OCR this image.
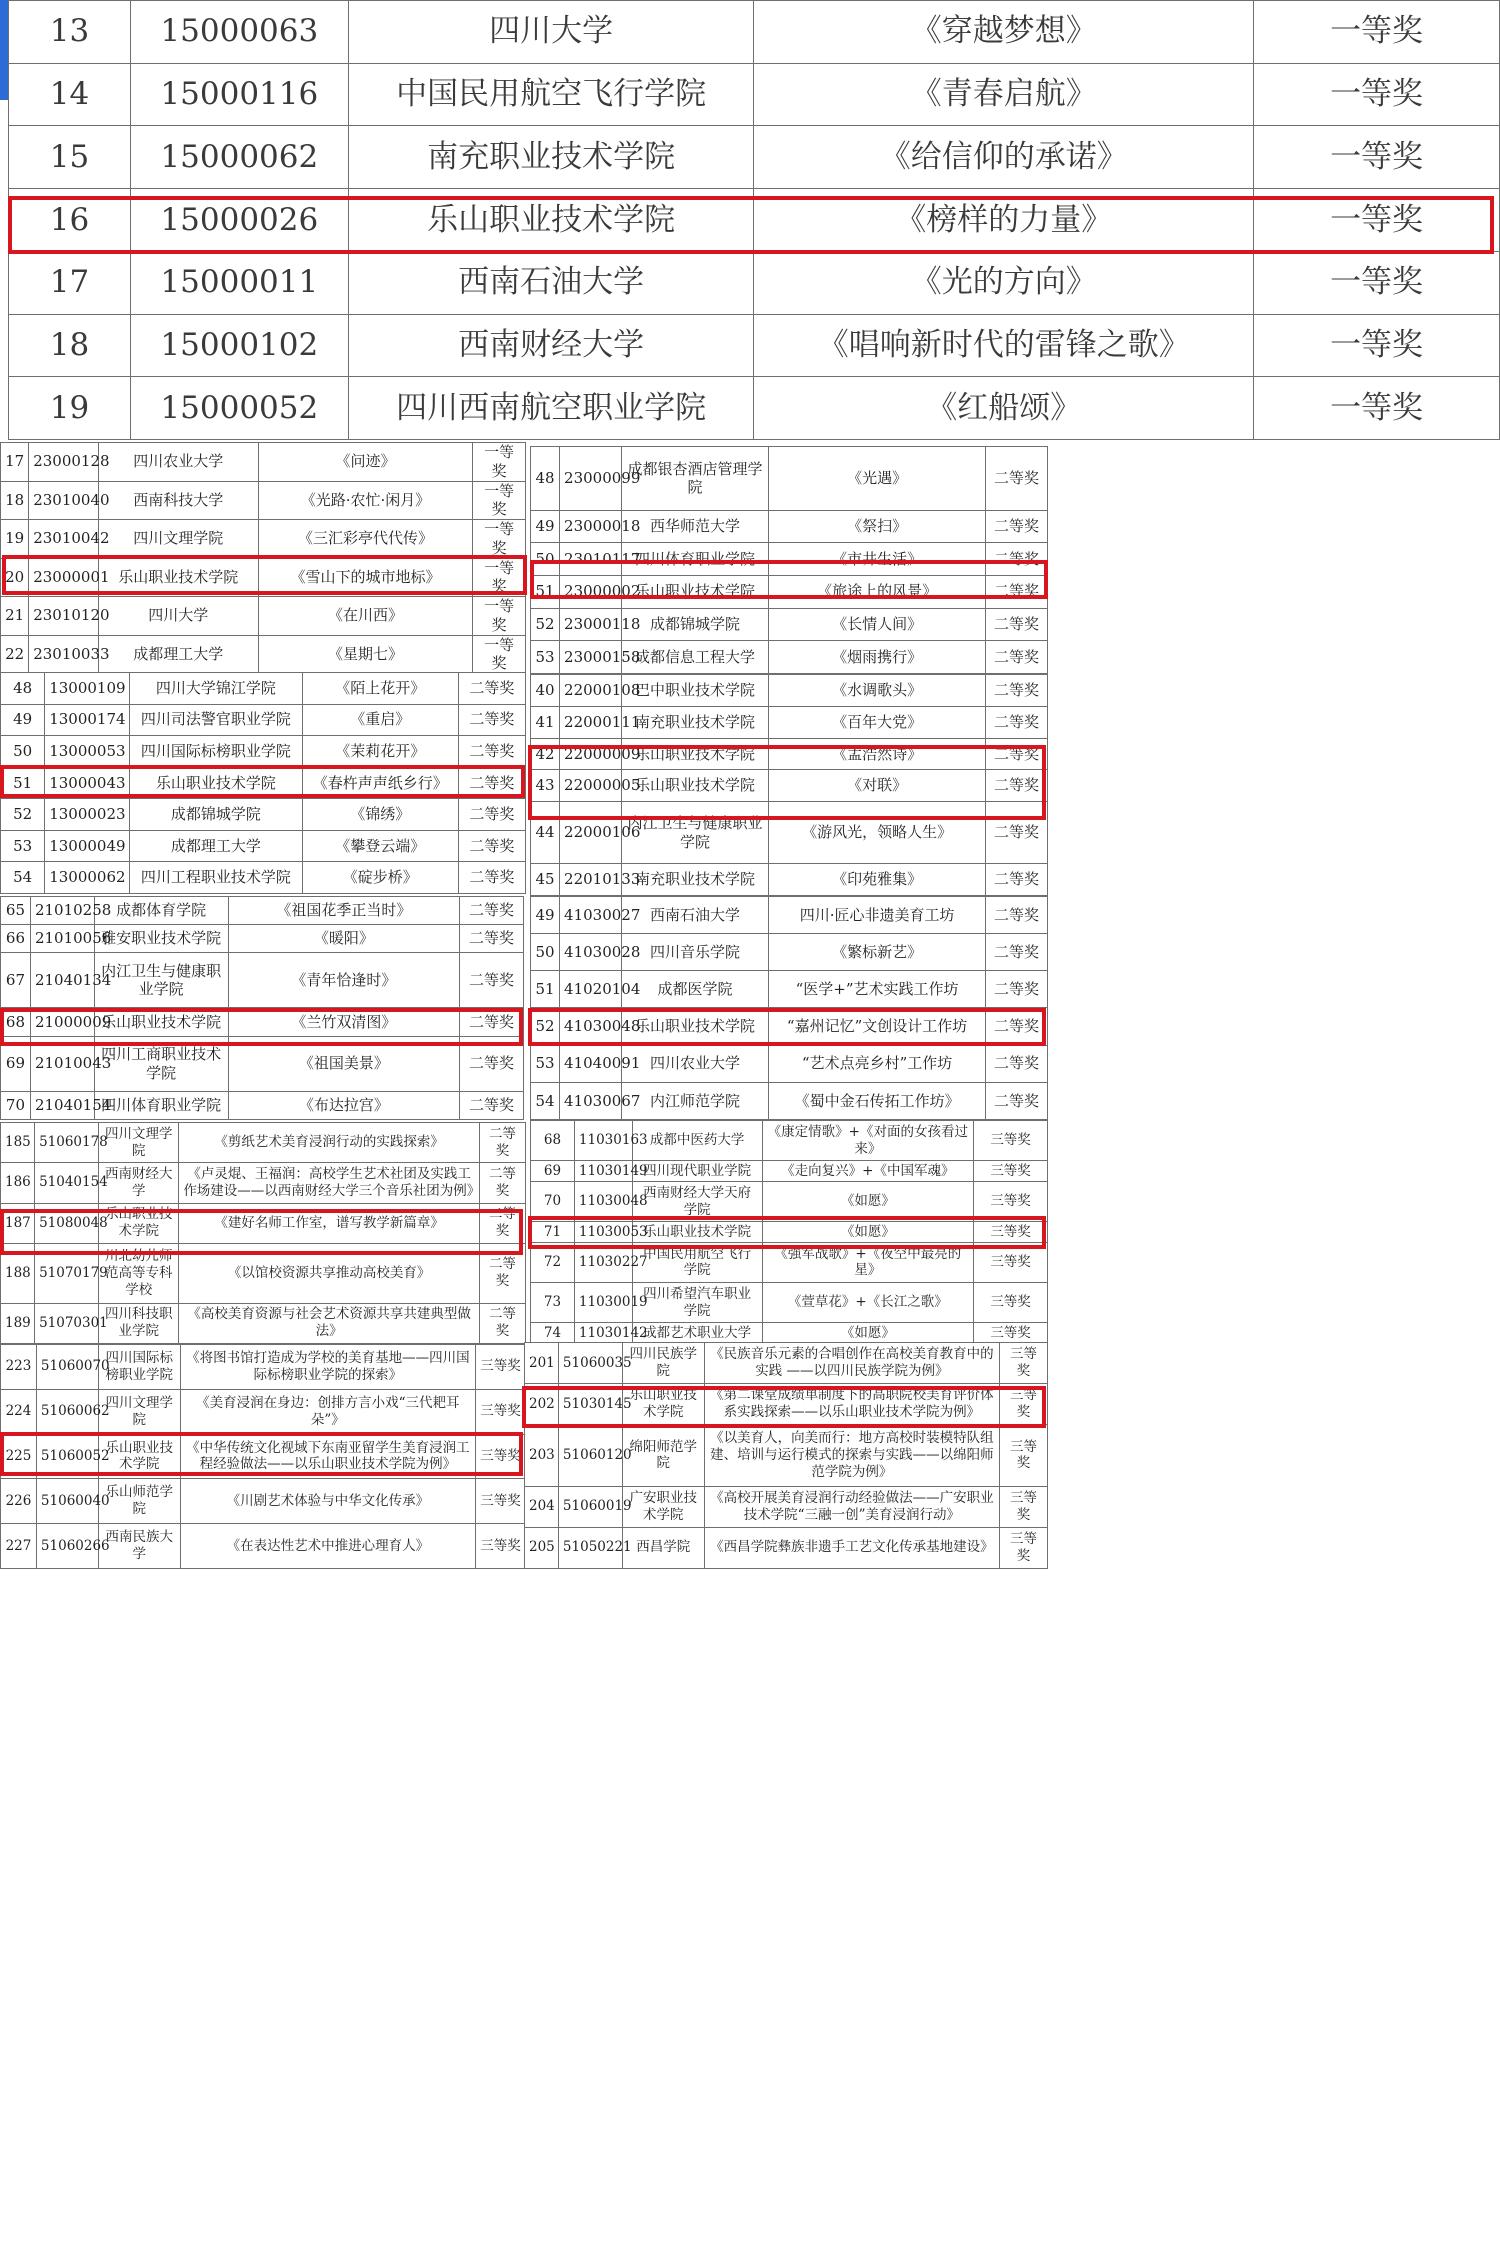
13	15000063	四川大学	《穿越梦想》	一等奖
14	15000116	中国民用航空飞行学院	《青春启航》	一等奖
15	15000062	南充职业技术学院	《给信仰的承诺》	一等奖
16	15000026	乐山职业技术学院	《榜样的力量》	一等奖
17	15000011	西南石油大学	《光的方向》	一等奖
18	15000102	西南财经大学	《唱响新时代的雷锋之歌》	一等奖
19	15000052	四川西南航空职业学院	《红船颂》	一等奖
17	23000128	四川农业大学	《问迹》	一等奖
18	23010040	西南科技大学	《光路·农忙·闲月》	一等奖
19	23010042	四川文理学院	《三汇彩亭代代传》	一等奖
20	23000001	乐山职业技术学院	《雪山下的城市地标》	一等奖
21	23010120	四川大学	《在川西》	一等奖
22	23010033	成都理工大学	《星期七》	一等奖
48	23000099	成都银杏酒店管理学院	《光遇》	二等奖
49	23000018	西华师范大学	《祭扫》	二等奖
50	23010117	四川体育职业学院	《市井生活》	二等奖
51	23000002	乐山职业技术学院	《旅途上的风景》	二等奖
52	23000118	成都锦城学院	《长情人间》	二等奖
53	23000158	成都信息工程大学	《烟雨携行》	二等奖
48	13000109	四川大学锦江学院	《陌上花开》	二等奖
49	13000174	四川司法警官职业学院	《重启》	二等奖
50	13000053	四川国际标榜职业学院	《茉莉花开》	二等奖
51	13000043	乐山职业技术学院	《春杵声声纸乡行》	二等奖
52	13000023	成都锦城学院	《锦绣》	二等奖
53	13000049	成都理工大学	《攀登云端》	二等奖
54	13000062	四川工程职业技术学院	《碇步桥》	二等奖
40	22000108	巴中职业技术学院	《水调歌头》	二等奖
41	22000111	南充职业技术学院	《百年大党》	二等奖
42	22000009	乐山职业技术学院	《孟浩然诗》	二等奖
43	22000005	乐山职业技术学院	《对联》	二等奖
44	22000106	内江卫生与健康职业学院	《游风光，领略人生》	二等奖
45	22010133	南充职业技术学院	《印苑雅集》	二等奖
65	21010258	成都体育学院	《祖国花季正当时》	二等奖
66	21010056	雅安职业技术学院	《暖阳》	二等奖
67	21040134	内江卫生与健康职业学院	《青年恰逢时》	二等奖
68	21000009	乐山职业技术学院	《兰竹双清图》	二等奖
69	21010043	四川工商职业技术学院	《祖国美景》	二等奖
70	21040154	四川体育职业学院	《布达拉宫》	二等奖
49	41030027	西南石油大学	四川·匠心非遗美育工坊	二等奖
50	41030028	四川音乐学院	《繁标新艺》	二等奖
51	41020104	成都医学院	“医学+”艺术实践工作坊	二等奖
52	41030048	乐山职业技术学院	“嘉州记忆”文创设计工作坊	二等奖
53	41040091	四川农业大学	“艺术点亮乡村”工作坊	二等奖
54	41030067	内江师范学院	《蜀中金石传拓工作坊》	二等奖
185	51060178	四川文理学院	《剪纸艺术美育浸润行动的实践探索》	二等奖
186	51040154	西南财经大学	《卢灵焜、王福润：高校学生艺术社团及实践工作场建设——以西南财经大学三个音乐社团为例》	二等奖
187	51080048	乐山职业技术学院	《建好名师工作室，谱写教学新篇章》	二等奖
188	51070179	川北幼儿师范高等专科学校	《以馆校资源共享推动高校美育》	二等奖
189	51070301	四川科技职业学院	《高校美育资源与社会艺术资源共享共建典型做法》	二等奖
68	11030163	成都中医药大学	《康定情歌》+《对面的女孩看过来》	三等奖
69	11030149	四川现代职业学院	《走向复兴》+《中国军魂》	三等奖
70	11030048	西南财经大学天府学院	《如愿》	三等奖
71	11030053	乐山职业技术学院	《如愿》	三等奖
72	11030227	中国民用航空飞行学院	《强军战歌》+《夜空中最亮的星》	三等奖
73	11030019	四川希望汽车职业学院	《萱草花》+《长江之歌》	三等奖
74	11030142	成都艺术职业大学	《如愿》	三等奖
223	51060070	四川国际标榜职业学院	《将图书馆打造成为学校的美育基地——四川国际标榜职业学院的探索》	三等奖
224	51060062	四川文理学院	《美育浸润在身边：创排方言小戏“三代耙耳朵”》	三等奖
225	51060052	乐山职业技术学院	《中华传统文化视域下东南亚留学生美育浸润工程经验做法——以乐山职业技术学院为例》	三等奖
226	51060040	乐山师范学院	《川剧艺术体验与中华文化传承》	三等奖
227	51060266	西南民族大学	《在表达性艺术中推进心理育人》	三等奖
201	51060035	四川民族学院	《民族音乐元素的合唱创作在高校美育教育中的实践 ——以四川民族学院为例》	三等奖
202	51030145	乐山职业技术学院	《第二课堂成绩单制度下的高职院校美育评价体系实践探索——以乐山职业技术学院为例》	三等奖
203	51060120	绵阳师范学院	《以美育人，向美而行：地方高校时装模特队组建、培训与运行模式的探索与实践——以绵阳师范学院为例》	三等奖
204	51060019	广安职业技术学院	《高校开展美育浸润行动经验做法——广安职业技术学院“三融一创”美育浸润行动》	三等奖
205	51050221	西昌学院	《西昌学院彝族非遗手工艺文化传承基地建设》	三等奖
